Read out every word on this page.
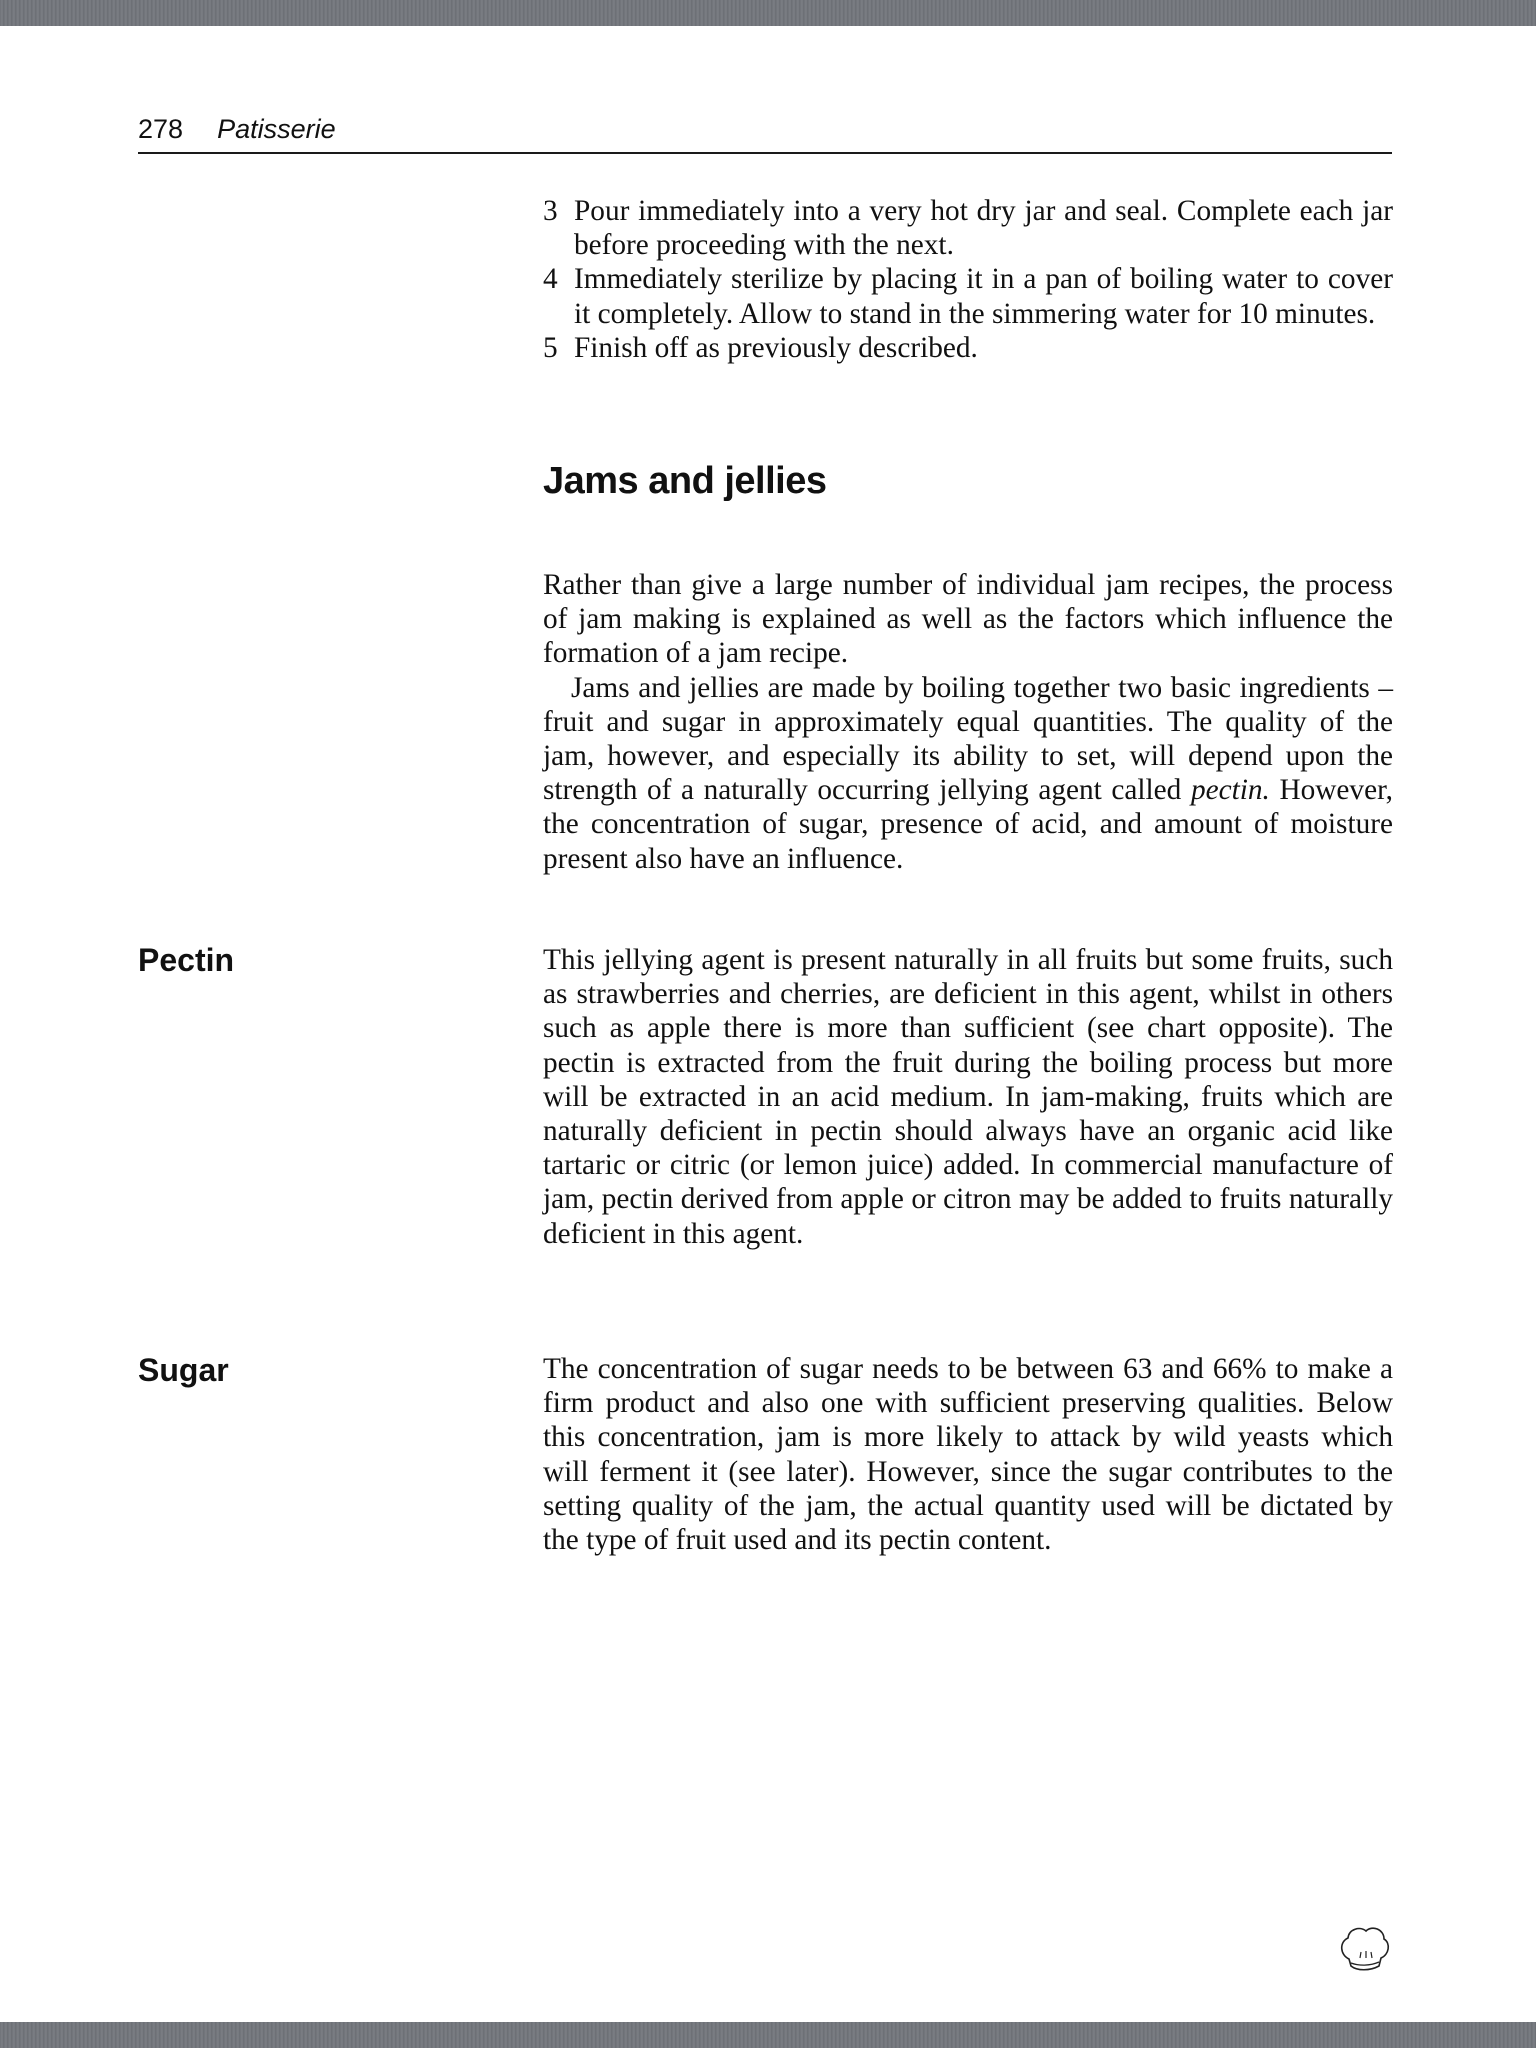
278 Patisserie
3 Pour immediately into a very hot dry jar and seal. Complete each jar before proceeding with the next.
4 Immediately sterilize by placing it in a pan of boiling water to cover it completely. Allow to stand in the simmering water for 10 minutes.
5 Finish off as previously described.
Jams and jellies

Rather than give a large number of individual jam recipes, the process of jam making is explained as well as the factors which influence the formation of a jam recipe.

Jams and jellies are made by boiling together two basic ingredients – fruit and sugar in approximately equal quantities. The quality of the jam, however, and especially its ability to set, will depend upon the strength of a naturally occurring jellying agent called pectin. However, the concentration of sugar, presence of acid, and amount of moisture present also have an influence.

Pectin	This jellying agent is present naturally in all fruits but some fruits, such as strawberries and cherries, are deficient in this agent, whilst in others such as apple there is more than sufficient (see chart opposite). The pectin is extracted from the fruit during the boiling process but more will be extracted in an acid medium. In jam-making, fruits which are naturally deficient in pectin should always have an organic acid like tartaric or citric (or lemon juice) added. In commercial manufacture of jam, pectin derived from apple or citron may be added to fruits naturally deficient in this agent.

Sugar	The concentration of sugar needs to be between 63 and 66% to make a firm product and also one with sufficient preserving qualities. Below this concentration, jam is more likely to attack by wild yeasts which will ferment it (see later). However, since the sugar contributes to the setting quality of the jam, the actual quantity used will be dictated by the type of fruit used and its pectin content.
